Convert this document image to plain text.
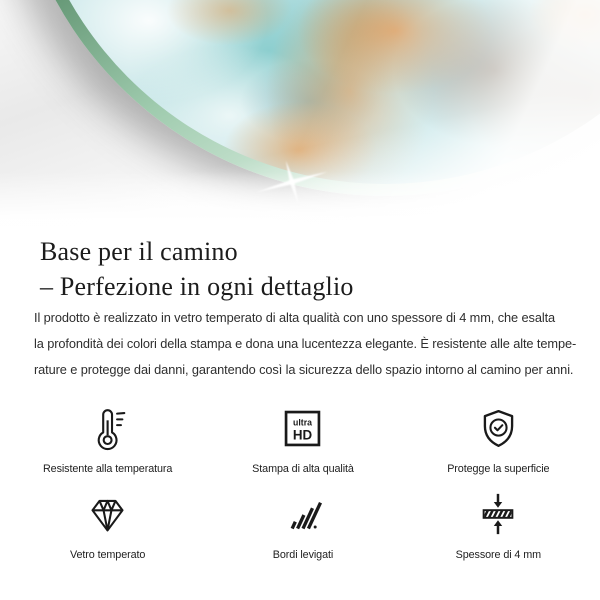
Base per il camino
– Perfezione in ogni dettaglio
Il prodotto è realizzato in vetro temperato di alta qualità con uno spessore di 4 mm, che esalta
la profondità dei colori della stampa e dona una lucentezza elegante. È resistente alle alte tempe-
rature e protegge dai danni, garantendo così la sicurezza dello spazio intorno al camino per anni.
Resistente alla temperatura
ultra
HD
Stampa di alta qualità	Protegge la superficie
Vetro temperato	Bordi levigati	Spessore di 4 mm
